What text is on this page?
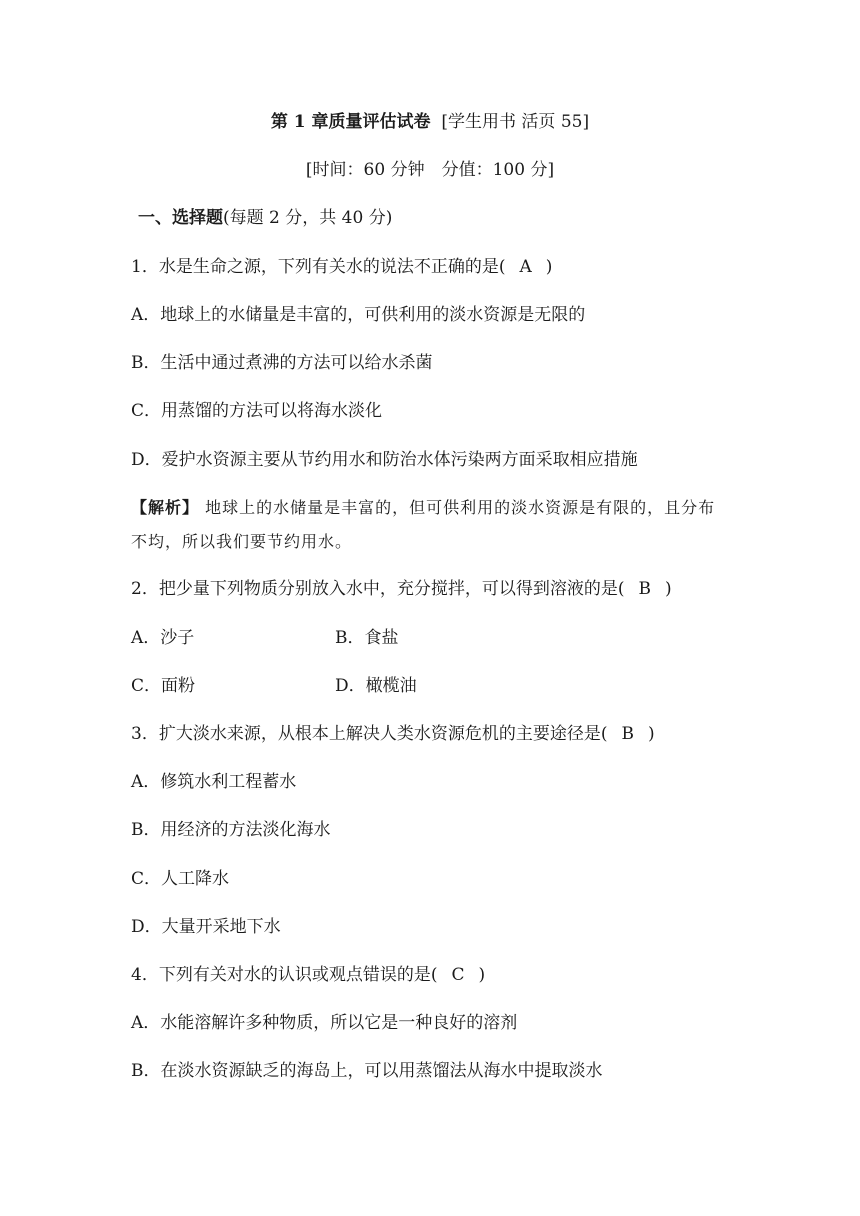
第 1 章质量评估试卷 [学生用书 活页 55]
[时间：60 分钟　分值：100 分]
一、选择题(每题 2 分，共 40 分)
1．水是生命之源，下列有关水的说法不正确的是( A )
A．地球上的水储量是丰富的，可供利用的淡水资源是无限的
B．生活中通过煮沸的方法可以给水杀菌
C．用蒸馏的方法可以将海水淡化
D．爱护水资源主要从节约用水和防治水体污染两方面采取相应措施
【解析】 地球上的水储量是丰富的，但可供利用的淡水资源是有限的，且分布
不均，所以我们要节约用水。
2．把少量下列物质分别放入水中，充分搅拌，可以得到溶液的是( B )
A．沙子	B．食盐
C．面粉	D．橄榄油
3．扩大淡水来源，从根本上解决人类水资源危机的主要途径是( B )
A．修筑水利工程蓄水
B．用经济的方法淡化海水
C．人工降水
D．大量开采地下水
4．下列有关对水的认识或观点错误的是( C )
A．水能溶解许多种物质，所以它是一种良好的溶剂
B．在淡水资源缺乏的海岛上，可以用蒸馏法从海水中提取淡水
